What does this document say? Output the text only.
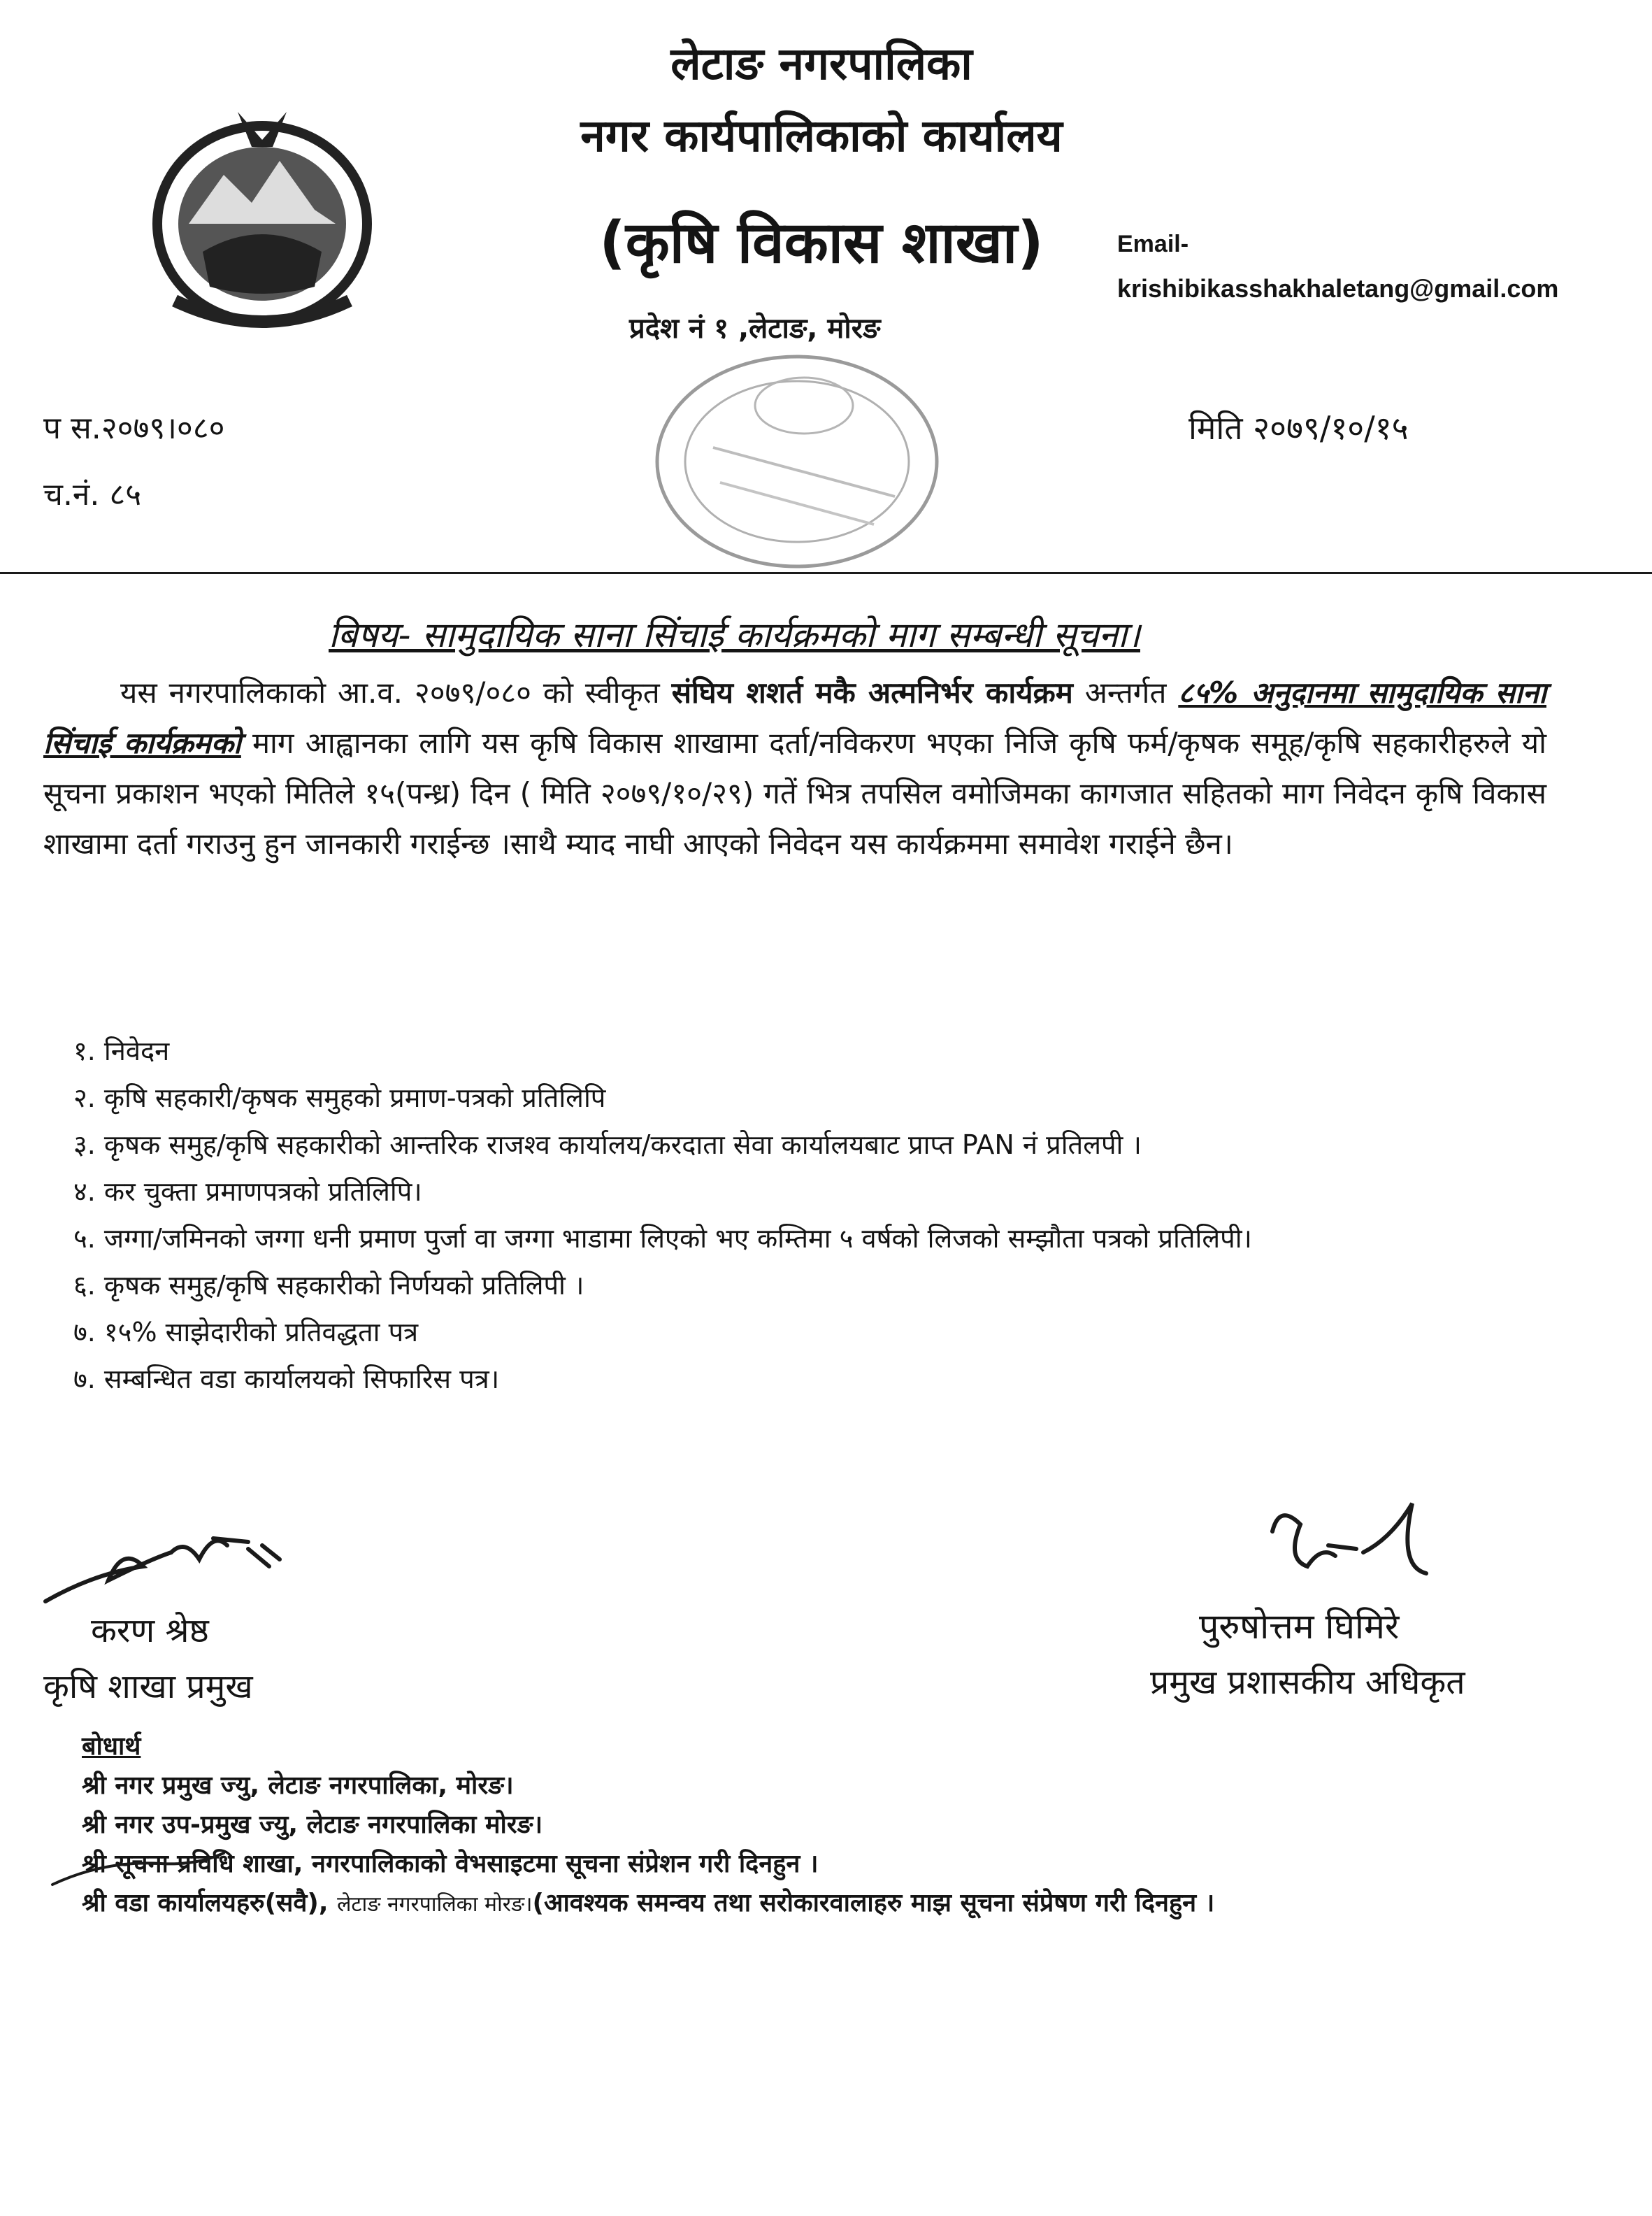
लेटाङ नगरपालिका
नगर कार्यपालिकाको कार्यालय
(कृषि विकास शाखा)
प्रदेश नं १ ,लेटाङ, मोरङ
Email-
krishibikasshakhaletang@gmail.com
प स.२०७९।०८०
च.नं. ८५
मिति २०७९/१०/१५
बिषय- सामुदायिक साना सिंचाई कार्यक्रमको माग सम्बन्धी सूचना।
यस नगरपालिकाको आ.व. २०७९/०८० को स्वीकृत संघिय शशर्त मकै अत्मनिर्भर कार्यक्रम अन्तर्गत ८५% अनुदानमा सामुदायिक साना सिंचाई कार्यक्रमको माग आह्वानका लागि यस कृषि विकास शाखामा दर्ता/नविकरण भएका निजि कृषि फर्म/कृषक समूह/कृषि सहकारीहरुले यो सूचना प्रकाशन भएको मितिले १५(पन्ध्र) दिन ( मिति २०७९/१०/२९) गतें भित्र तपसिल वमोजिमका कागजात सहितको माग निवेदन कृषि विकास शाखामा दर्ता गराउनु हुन जानकारी गराईन्छ ।साथै म्याद नाघी आएको निवेदन यस कार्यक्रममा समावेश गराईने छैन।
१. निवेदन
२. कृषि सहकारी/कृषक समुहको प्रमाण-पत्रको प्रतिलिपि
३. कृषक समुह/कृषि सहकारीको आन्तरिक राजश्व कार्यालय/करदाता सेवा कार्यालयबाट प्राप्त PAN नं प्रतिलपी ।
४. कर चुक्ता प्रमाणपत्रको प्रतिलिपि।
५. जग्गा/जमिनको जग्गा धनी प्रमाण पुर्जा वा जग्गा भाडामा लिएको भए कम्तिमा ५ वर्षको लिजको सम्झौता पत्रको प्रतिलिपी।
६. कृषक समुह/कृषि सहकारीको निर्णयको प्रतिलिपी ।
७. १५% साझेदारीको प्रतिवद्धता पत्र
७. सम्बन्धित वडा कार्यालयको सिफारिस पत्र।
करण श्रेष्ठ
कृषि शाखा प्रमुख
पुरुषोत्तम घिमिरे
प्रमुख प्रशासकीय अधिकृत
बोधार्थ
श्री नगर प्रमुख ज्यु, लेटाङ नगरपालिका, मोरङ।
श्री नगर उप-प्रमुख ज्यु, लेटाङ नगरपालिका मोरङ।
श्री सूचना प्रविधि शाखा, नगरपालिकाको वेभसाइटमा सूचना संप्रेशन गरी दिनहुन ।
श्री वडा कार्यालयहरु(सवै), लेटाङ नगरपालिका मोरङ।(आवश्यक समन्वय तथा सरोकारवालाहरु माझ सूचना संप्रेषण गरी दिनहुन ।
